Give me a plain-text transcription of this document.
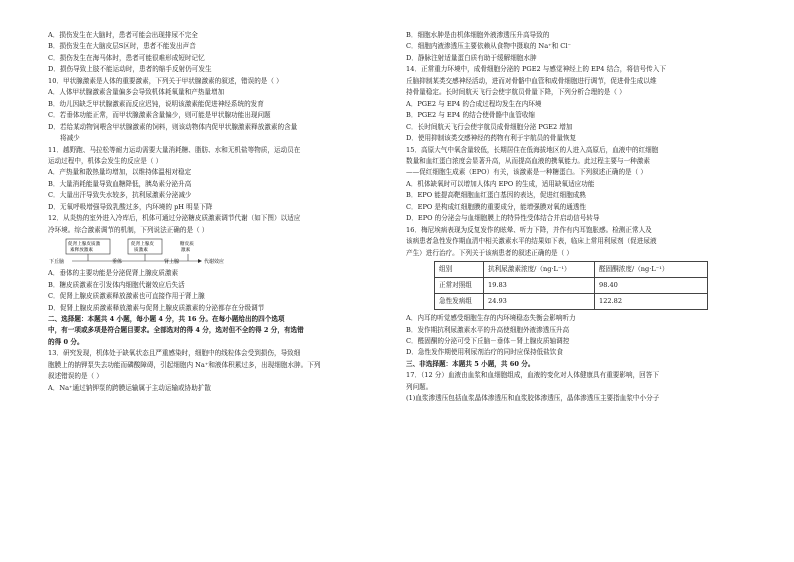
A．损伤发生在大脑时，患者可能会出现排尿不完全
B．损伤发生在大脑皮层S区时，患者不能发出声音
C．损伤发生在海马体时，患者可能很难形成短时记忆
D．损伤导致上肢不能运动时，患者的缩手反射仍可发生
10．甲状腺激素是人体的重要激素，下列关于甲状腺激素的叙述，错误的是（ ）
A．人体甲状腺激素含量偏多会导致机体耗氧量和产热量增加
B．幼儿因缺乏甲状腺激素而反应迟钝，说明该激素能促进神经系统的发育
C．若垂体功能正常，而甲状腺激素含量偏少，则可能是甲状腺功能出现问题
D．若给某动物饲喂含甲状腺激素的饲料，则该动物体内促甲状腺激素释放激素的含量
将减少
11．越野跑、马拉松等耐力运动需要大量消耗糖、脂肪、水和无机盐等物质，运动员在
运动过程中，机体会发生的反应是（ ）
A．产热量和散热量均增加，以维持体温相对稳定
B．大量消耗能量导致血糖降低，胰岛素分泌升高
C．大量出汗导致失水较多，抗利尿激素分泌减少
D．无氧呼吸增强导致乳酸过多，内环境的 pH 明显下降
12．从炎热的室外进入冷库后，机体可通过分泌糖皮质激素调节代谢（如下图）以适应
冷环境。综合激素调节的机制，下列说法正确的是（ ）
促肾上腺皮质激
素释放激素
促肾上腺皮
质激素
糖皮质
激素
下丘脑	垂体	肾上腺	代谢效应
A．垂体的主要功能是分泌促肾上腺皮质激素
B．糖皮质激素在引发体内细胞代谢效应后失活
C．促肾上腺皮质激素释放激素也可直接作用于肾上腺
D．促肾上腺皮质激素释放激素与促肾上腺皮质激素的分泌都存在分级调节
二、选择题：本题共 4 小题，每小题 4 分，共 16 分。在每小题给出的四个选项
中，有一项或多项是符合题目要求。全部选对的得 4 分，选对但不全的得 2 分，有选错
的得 0 分。
13．研究发现，机体处于缺氧状态且严重感染时，细胞中的线粒体会受到损伤，导致细
胞膜上的钠钾泵失去功能而磷酸障碍，引起细胞内 Na⁺和液体积累过多，出现细胞水肿。下列
叙述错误的是（ ）
A．Na⁺通过钠钾泵的跨膜运输属于主动运输或协助扩散
B．细胞水肿是由机体细胞外液渗透压升高导致的
C．细胞内液渗透压主要依赖从食物中摄取的 Na⁺和 Cl⁻
D．静脉注射适量蛋白质有助于缓解细胞水肿
14．正常重力环境中，成骨细胞分泌的 PGE2 与感觉神经上的 EP4 结合，将信号传入下
丘脑抑制某类交感神经活动，进而对骨骼中血管和成骨细胞进行调节，促进骨生成以维
持骨量稳定。长时间航天飞行会使宇航员骨量下降，下列分析合理的是（ ）
A．PGE2 与 EP4 的合成过程均发生在内环境
B．PGE2 与 EP4 的结合使骨骼中血管收缩
C．长时间航天飞行会使宇航员成骨细胞分泌 PGE2 增加
D．使用抑制该类交感神经的药物有利于宇航员的骨量恢复
15．高原大气中氧含量较低，长期居住在低海拔地区的人进入高原后，血液中的红细胞
数量和血红蛋白浓度会显著升高，从而提高血液的携氧能力。此过程主要与一种激素
——促红细胞生成素（EPO）有关，该激素是一种糖蛋白。下列叙述正确的是（ ）
A．机体缺氧时可以增加人体内 EPO 的生成，适用缺氧适应功能
B．EPO 能提高靶细胞血红蛋白基因的表达，促进红细胞成熟
C．EPO 是构成红细胞膜的重要成分，能增强膜对氧的通透性
D．EPO 的分泌会与血细胞膜上的特异性受体结合并启动信号转导
16．梅尼埃病表现为反复发作的眩晕、听力下降，并作有内耳饱胀感。检测正常人及
该病患者急性发作期血清中相关激素水平的结果如下表，临床上常用利尿剂（促进尿液
产生）进行治疗。下列关于该病患者的叙述正确的是（ ）
组别	抗利尿激素浓度/（ng·L⁻¹）	醛固酮浓度/（ng·L⁻¹）
正常对照组	19.83	98.40
急性发病组	24.93	122.82
A．内耳的听觉感受细胞生存的内环境稳态失衡会影响听力
B．发作期抗利尿激素水平的升高使细胞外液渗透压升高
C．醛固酮的分泌可受下丘脑－垂体－肾上腺皮质轴调控
D．急性发作期使用利尿剂治疗的同时应保持低盐饮食
三、非选择题：本题共 5 小题，共 60 分。
17．（12 分）血液由血浆和血细胞组成，血液的变化对人体健康具有重要影响，回答下
列问题。
(1)血浆渗透压包括血浆晶体渗透压和血浆胶体渗透压，晶体渗透压主要指血浆中小分子
